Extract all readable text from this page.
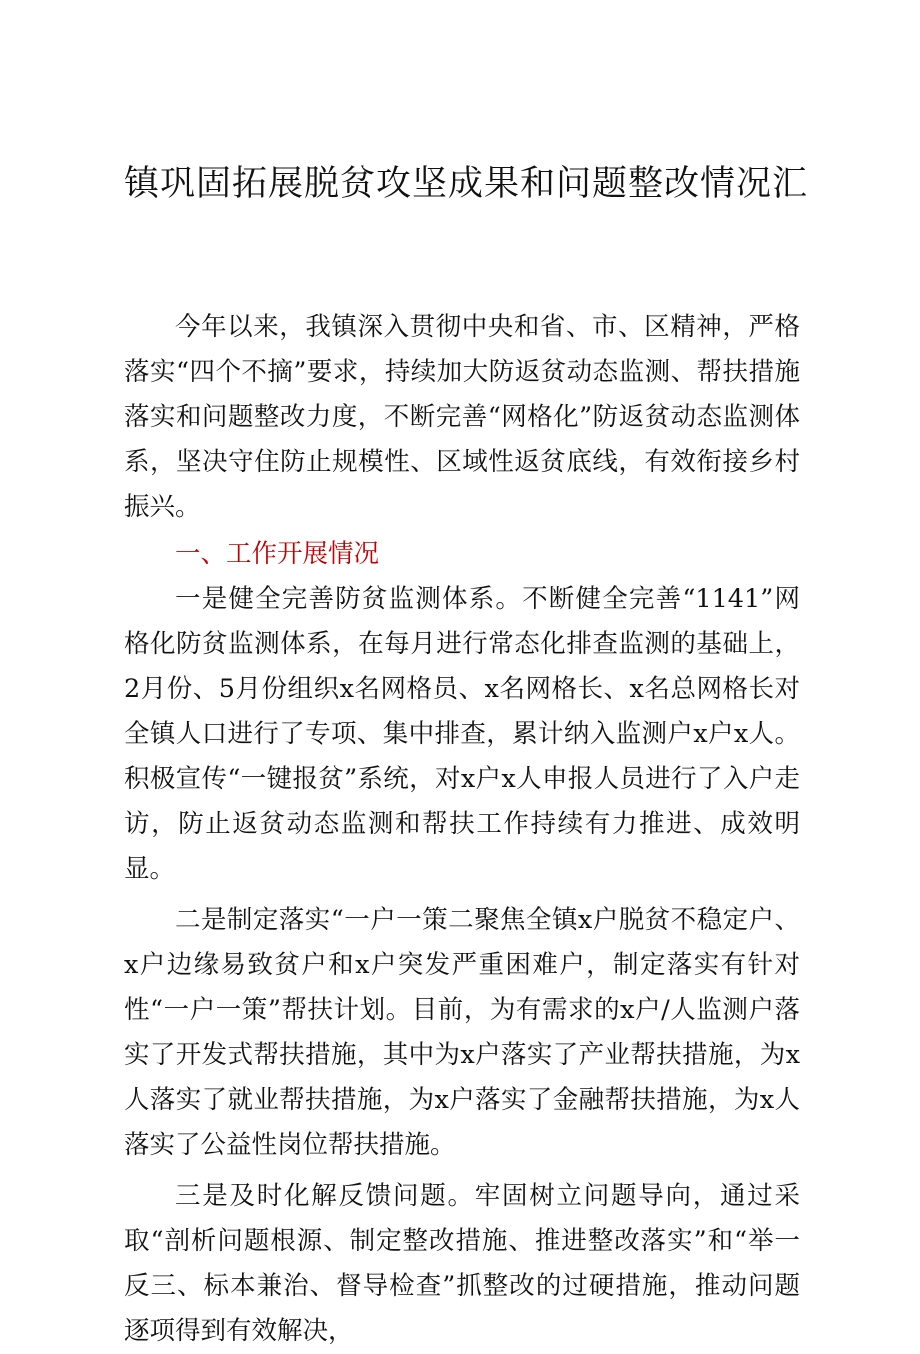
镇巩固拓展脱贫攻坚成果和问题整改情况汇

今年以来，我镇深入贯彻中央和省、市、区精神，严格落实“四个不摘”要求，持续加大防返贫动态监测、帮扶措施落实和问题整改力度，不断完善“网格化”防返贫动态监测体系，坚决守住防止规模性、区域性返贫底线，有效衔接乡村振兴。

一、工作开展情况

一是健全完善防贫监测体系。不断健全完善“1141”网格化防贫监测体系，在每月进行常态化排查监测的基础上，2月份、5月份组织x名网格员、x名网格长、x名总网格长对全镇人口进行了专项、集中排查，累计纳入监测户x户x人。积极宣传“一键报贫”系统，对x户x人申报人员进行了入户走访，防止返贫动态监测和帮扶工作持续有力推进、成效明显。

二是制定落实“一户一策二聚焦全镇x户脱贫不稳定户、x户边缘易致贫户和x户突发严重困难户，制定落实有针对性“一户一策”帮扶计划。目前，为有需求的x户/人监测户落实了开发式帮扶措施，其中为x户落实了产业帮扶措施，为x人落实了就业帮扶措施，为x户落实了金融帮扶措施，为x人落实了公益性岗位帮扶措施。

三是及时化解反馈问题。牢固树立问题导向，通过采取“剖析问题根源、制定整改措施、推进整改落实”和“举一反三、标本兼治、督导检查”抓整改的过硬措施，推动问题逐项得到有效解决，
